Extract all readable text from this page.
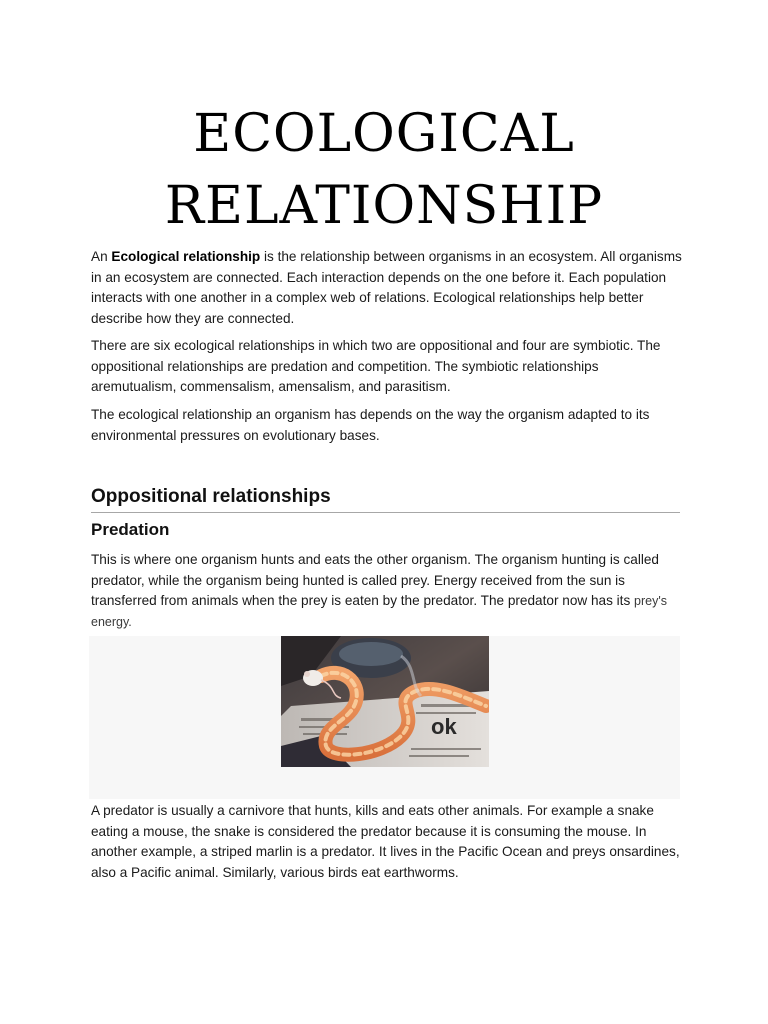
ECOLOGICAL
RELATIONSHIP

An Ecological relationship is the relationship between organisms in an ecosystem. All organisms in an ecosystem are connected. Each interaction depends on the one before it. Each population interacts with one another in a complex web of relations. Ecological relationships help better describe how they are connected.

There are six ecological relationships in which two are oppositional and four are symbiotic. The oppositional relationships are predation and competition. The symbiotic relationships aremutualism, commensalism, amensalism, and parasitism.

The ecological relationship an organism has depends on the way the organism adapted to its environmental pressures on evolutionary bases.

Oppositional relationships
Predation

This is where one organism hunts and eats the other organism. The organism hunting is called predator, while the organism being hunted is called prey. Energy received from the sun is transferred from animals when the prey is eaten by the predator. The predator now has its prey's energy.

ok

A predator is usually a carnivore that hunts, kills and eats other animals. For example a snake eating a mouse, the snake is considered the predator because it is consuming the mouse. In another example, a striped marlin is a predator. It lives in the Pacific Ocean and preys onsardines, also a Pacific animal. Similarly, various birds eat earthworms.
